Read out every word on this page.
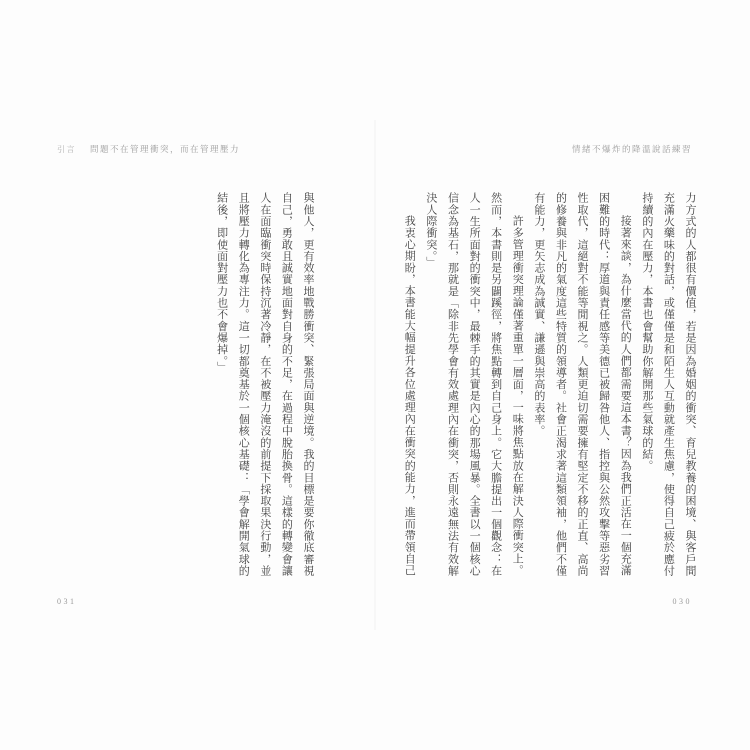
引言 問題不在管理衝突，而在管理壓力

與他人，更有效率地戰勝衝突、緊張局面與逆境。我的目標是要你徹底審視自己，勇敢且誠實地面對自身的不足，在過程中脫胎換骨。這樣的轉變會讓人在面臨衝突時保持沉著冷靜，在不被壓力淹沒的前提下採取果決行動，並且將壓力轉化為專注力。這一切都奠基於一個核心基礎：「學會解開氣球的結後，即使面對壓力也不會爆掉。」

031
情緒不爆炸的降溫說話練習

力方式的人都很有價值，若是因為婚姻的衝突、育兒教養的困境、與客戶間充滿火藥味的對話，或僅僅是和陌生人互動就產生焦慮，使得自己疲於應付持續的內在壓力，本書也會幫助你解開那些氣球的結。

接著來談，為什麼當代的人們都需要這本書？因為我們正活在一個充滿困難的時代：厚道與責任感等美德已被歸咎他人、指控與公然攻擊等惡劣習性取代，這絕對不能等閒視之。人類更迫切需要擁有堅定不移的正直、高尚的修養與非凡的氣度這些特質的領導者。社會正渴求著這類領袖，他們不僅有能力，更矢志成為誠實、謙遜與崇高的表率。

許多管理衝突理論僅著重單一層面，一味將焦點放在解決人際衝突上。然而，本書則是另闢蹊徑，將焦點轉到自己身上。它大膽提出一個觀念：在人一生所面對的衝突中，最棘手的其實是內心的那場風暴。全書以一個核心信念為基石，那就是「除非先學會有效處理內在衝突，否則永遠無法有效解決人際衝突。」

我衷心期盼，本書能大幅提升各位處理內在衝突的能力，進而帶領自己

030
